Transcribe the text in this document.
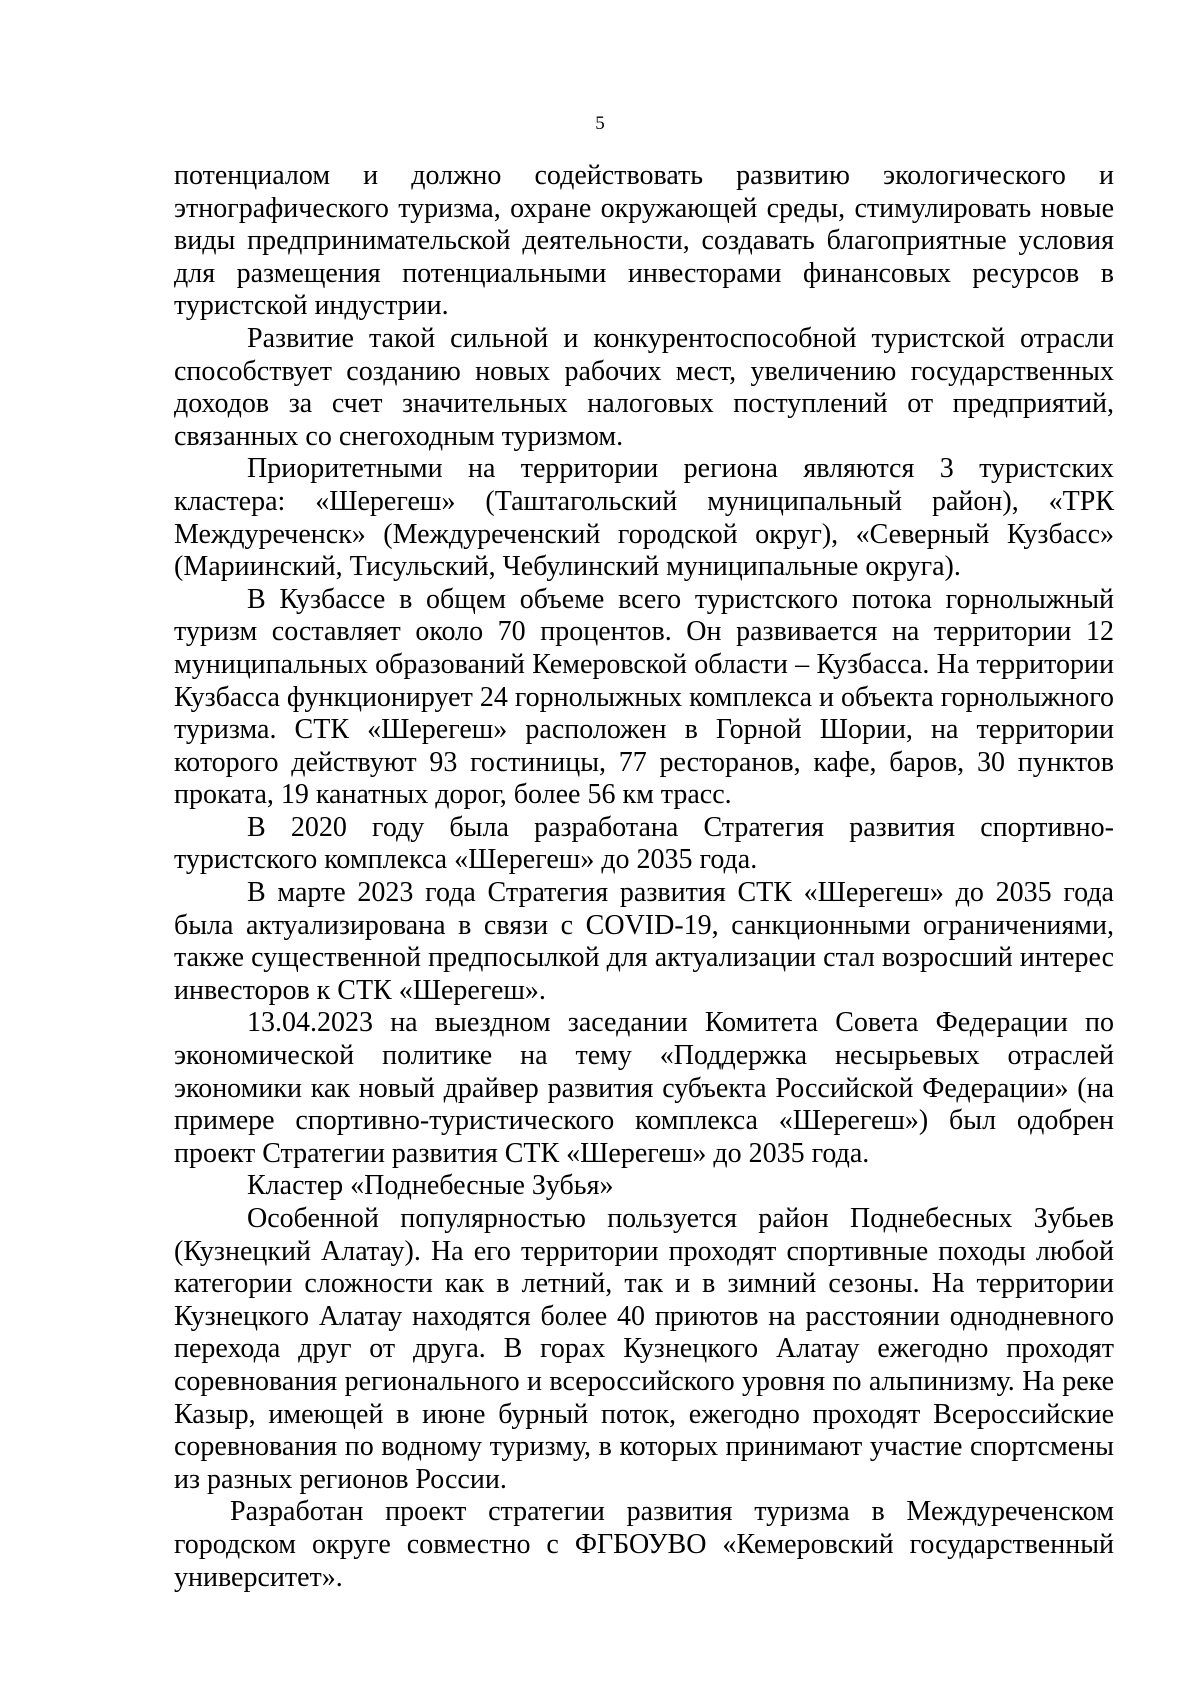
5

потенциалом и должно содействовать развитию экологического и этнографического туризма, охране окружающей среды, стимулировать новые виды предпринимательской деятельности, создавать благоприятные условия для размещения потенциальными инвесторами финансовых ресурсов в туристской индустрии.

Развитие такой сильной и конкурентоспособной туристской отрасли способствует созданию новых рабочих мест, увеличению государственных доходов за счет значительных налоговых поступлений от предприятий, связанных со снегоходным туризмом.

Приоритетными на территории региона являются 3 туристских кластера: «Шерегеш» (Таштагольский муниципальный район), «ТРК Междуреченск» (Междуреченский городской округ), «Северный Кузбасс» (Мариинский, Тисульский, Чебулинский муниципальные округа).

В Кузбассе в общем объеме всего туристского потока горнолыжный туризм составляет около 70 процентов. Он развивается на территории 12 муниципальных образований Кемеровской области – Кузбасса. На территории Кузбасса функционирует 24 горнолыжных комплекса и объекта горнолыжного туризма. СТК «Шерегеш» расположен в Горной Шории, на территории которого действуют 93 гостиницы, 77 ресторанов, кафе, баров, 30 пунктов проката, 19 канатных дорог, более 56 км трасс.

В 2020 году была разработана Стратегия развития спортивно-туристского комплекса «Шерегеш» до 2035 года.

В марте 2023 года Стратегия развития СТК «Шерегеш» до 2035 года была актуализирована в связи с COVID-19, санкционными ограничениями, также существенной предпосылкой для актуализации стал возросший интерес инвесторов к СТК «Шерегеш».

13.04.2023 на выездном заседании Комитета Совета Федерации по экономической политике на тему «Поддержка несырьевых отраслей экономики как новый драйвер развития субъекта Российской Федерации» (на примере спортивно-туристического комплекса «Шерегеш») был одобрен проект Стратегии развития СТК «Шерегеш» до 2035 года.

Кластер «Поднебесные Зубья»

Особенной популярностью пользуется район Поднебесных Зубьев (Кузнецкий Алатау). На его территории проходят спортивные походы любой категории сложности как в летний, так и в зимний сезоны. На территории Кузнецкого Алатау находятся более 40 приютов на расстоянии однодневного перехода друг от друга. В горах Кузнецкого Алатау ежегодно проходят соревнования регионального и всероссийского уровня по альпинизму. На реке Казыр, имеющей в июне бурный поток, ежегодно проходят Всероссийские соревнования по водному туризму, в которых принимают участие спортсмены из разных регионов России.

Разработан проект стратегии развития туризма в Междуреченском городском округе совместно с ФГБОУВО «Кемеровский государственный университет».
